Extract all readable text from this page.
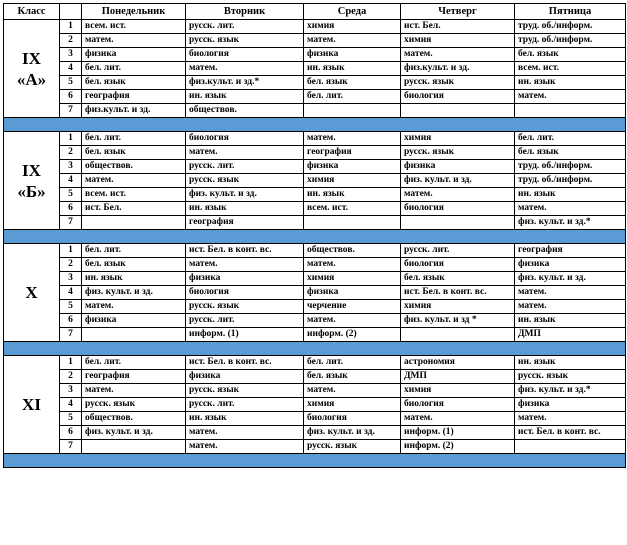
Класс		Понедельник	Вторник	Среда	Четверг	Пятница
IX
«А»	1	всем. ист.	русск. лит.	химия	ист. Бел.	труд. об./информ.
	2	матем.	русск. язык	матем.	химия	труд. об./информ.
	3	физика	биология	физика	матем.	бел. язык
	4	бел. лит.	матем.	ин. язык	физ.культ. и зд.	всем. ист.
	5	бел. язык	физ.культ. и зд.*	бел. язык	русск. язык	ин. язык
	6	география	ин. язык	бел. лит.	биология	матем.
	7	физ.культ. и зд.	обществов.			

IX
«Б»	1	бел. лит.	биология	матем.	химия	бел. лит.
	2	бел. язык	матем.	география	русск. язык	бел. язык
	3	обществов.	русск. лит.	физика	физика	труд. об./информ.
	4	матем.	русск. язык	химия	физ. культ. и зд.	труд. об./информ.
	5	всем. ист.	физ. культ. и зд.	ин. язык	матем.	ин. язык
	6	ист. Бел.	ин. язык	всем. ист.	биология	матем.
	7		география			физ. культ. и зд.*

X	1	бел. лит.	ист. Бел. в конт. вс.	обществов.	русск. лит.	география
	2	бел. язык	матем.	матем.	биология	физика
	3	ин. язык	физика	химия	бел. язык	физ. культ. и зд.
	4	физ. культ. и зд.	биология	физика	ист. Бел. в конт. вс.	матем.
	5	матем.	русск. язык	черчение	химия	матем.
	6	физика	русск. лит.	матем.	физ. культ. и зд *	ин. язык
	7		информ. (1)	информ. (2)		ДМП

XI	1	бел. лит.	ист. Бел. в конт. вс.	бел. лит.	астрономия	ин. язык
	2	география	физика	бел. язык	ДМП	русск. язык
	3	матем.	русск. язык	матем.	химия	физ. культ. и зд.*
	4	русск. язык	русск. лит.	химия	биология	физика
	5	обществов.	ин. язык	биология	матем.	матем.
	6	физ. культ. и зд.	матем.	физ. культ. и зд.	информ. (1)	ист. Бел. в конт. вс.
	7		матем.	русск. язык	информ. (2)	
